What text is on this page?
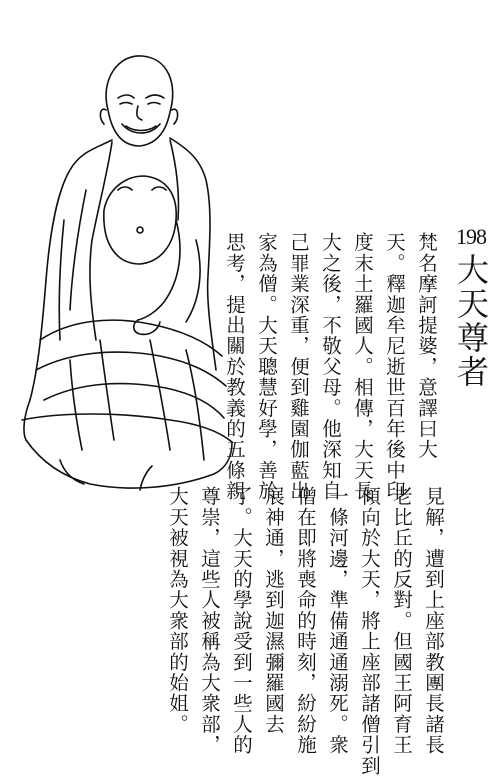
198
大天尊者
梵名摩訶提婆，意譯曰大
天。釋迦牟尼逝世百年後中印
度末土羅國人。相傳，大天長
大之後，不敬父母。他深知自
己罪業深重，便到雞園伽藍出
家為僧。大天聰慧好學，善於
思考，提出關於教義的五條親
見解，遭到上座部教團長諸長
老比丘的反對。但國王阿育王
傾向於大天，將上座部諸僧引到
一條河邊，準備通通溺死。衆
僧在即將喪命的時刻，紛紛施
展神通，逃到迦濕彌羅國去
了。大天的學說受到一些人的
尊崇，這些人被稱為大衆部，
大天被視為大衆部的始姐。
